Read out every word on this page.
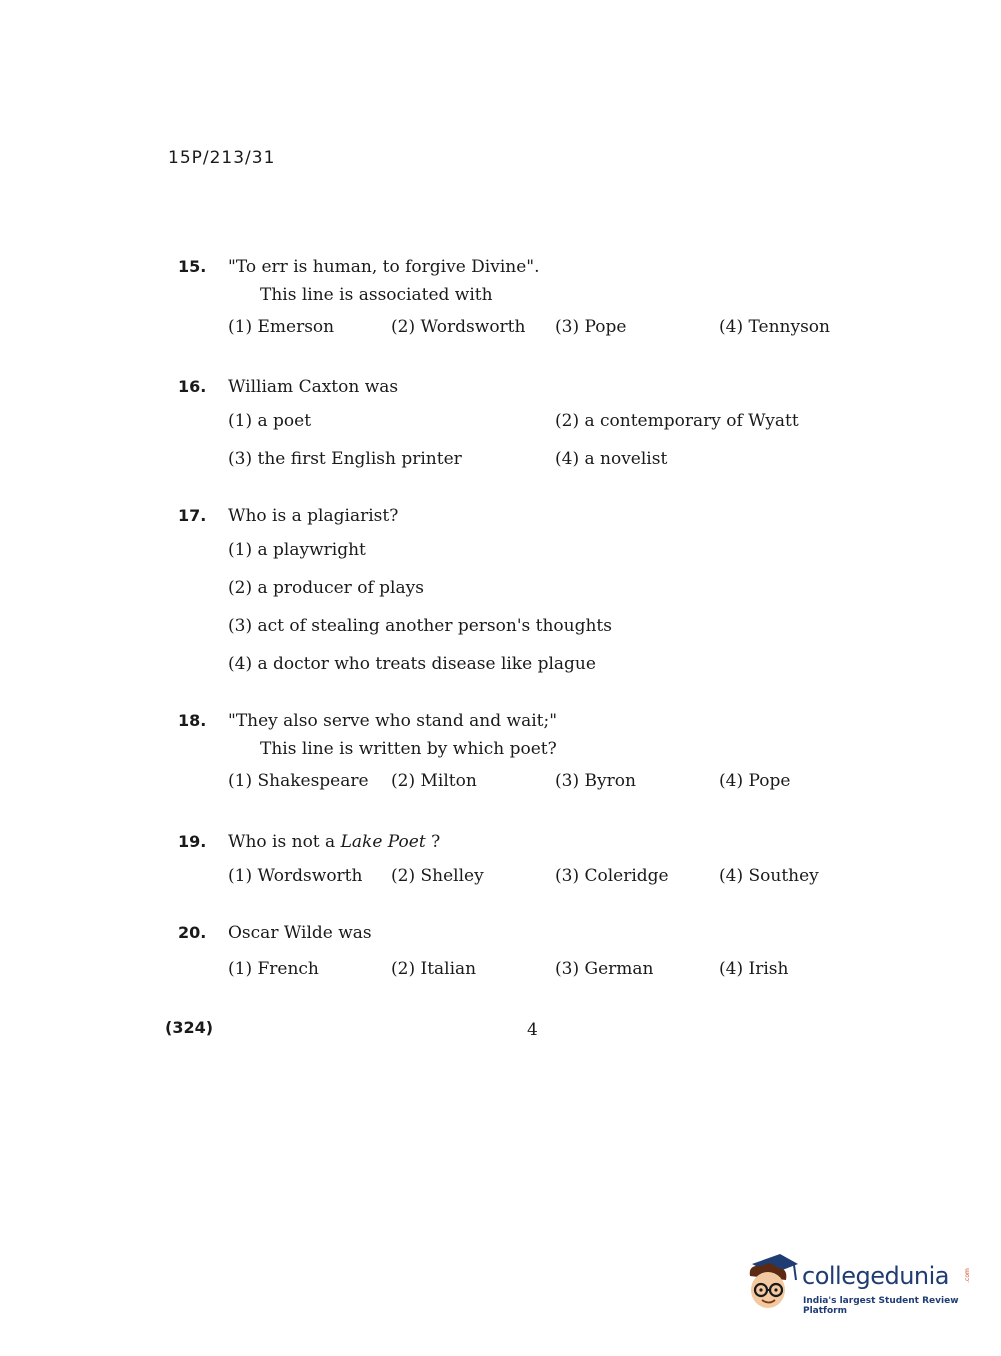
15P/213/31
15.	"To err is human, to forgive Divine".
This line is associated with
(1) Emerson	(2) Wordsworth (3) Pope	(4) Tennyson
16.	William Caxton was
(1) a poet	(2) a contemporary of Wyatt
(3) the first English printer	(4) a novelist
17.	Who is a plagiarist?
(1) a playwright
(2) a producer of plays
(3) act of stealing another person's thoughts
(4) a doctor who treats disease like plague
18.	"They also serve who stand and wait;"
This line is written by which poet?
(1) Shakespeare (2) Milton	(3) Byron	(4) Pope
19.	Who is not a Lake Poet ?
(1) Wordsworth (2) Shelley	(3) Coleridge	(4) Southey
20.	Oscar Wilde was
(1) French	(2) Italian	(3) German	(4) Irish
(324)	4
collegedunia .com
India's largest Student Review Platform
